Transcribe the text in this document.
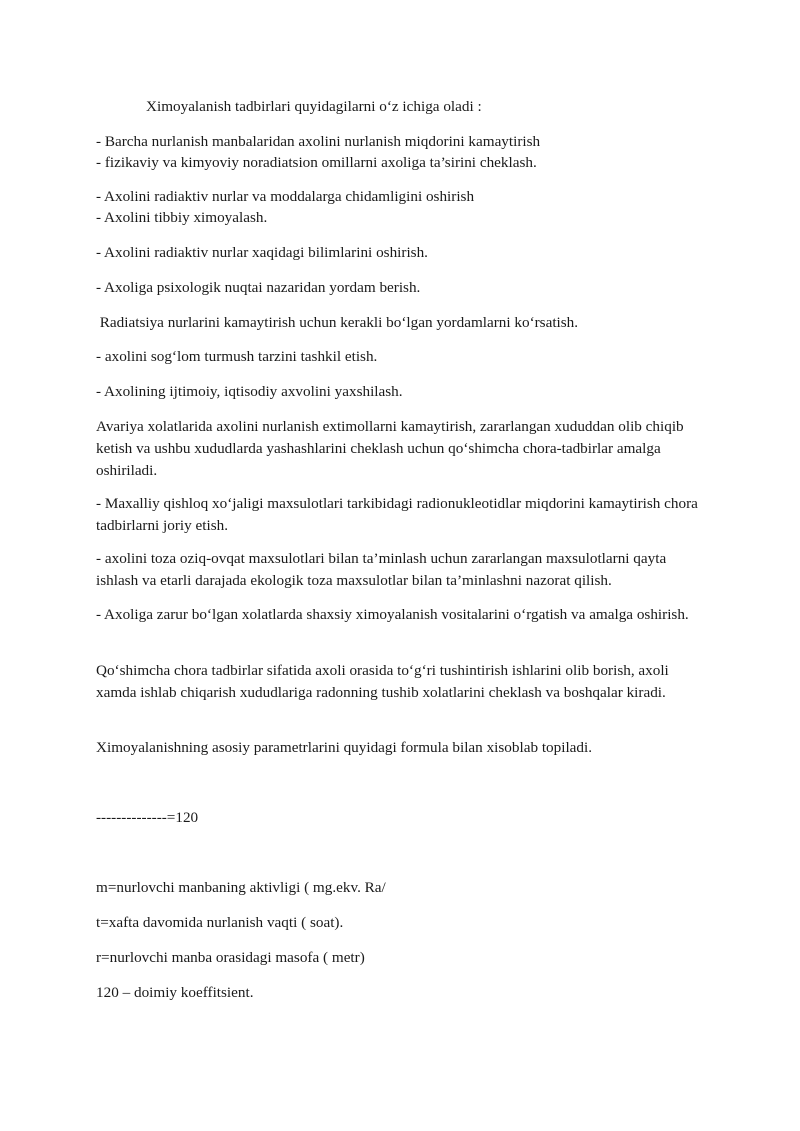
Ximoyalanish tadbirlari quyidagilarni o‘z ichiga oladi :
- Barcha nurlanish manbalaridan axolini nurlanish miqdorini kamaytirish
- fizikaviy va kimyoviy noradiatsion omillarni axoliga ta’sirini cheklash.
- Axolini radiaktiv nurlar va moddalarga chidamligini oshirish
- Axolini tibbiy ximoyalash.
- Axolini radiaktiv nurlar xaqidagi bilimlarini oshirish.
- Axoliga psixologik nuqtai nazaridan yordam berish.
Radiatsiya nurlarini kamaytirish uchun kerakli bo‘lgan yordamlarni ko‘rsatish.
- axolini sog‘lom turmush tarzini tashkil etish.
- Axolining ijtimoiy, iqtisodiy axvolini yaxshilash.

Avariya xolatlarida axolini nurlanish extimollarni kamaytirish, zararlangan xududdan olib chiqib ketish va ushbu xududlarda yashashlarini cheklash uchun qo‘shimcha chora-tadbirlar amalga oshiriladi.

- Maxalliy qishloq xo‘jaligi maxsulotlari tarkibidagi radionukleotidlar miqdorini kamaytirish chora tadbirlarni joriy etish.

- axolini toza oziq-ovqat maxsulotlari bilan ta’minlash uchun zararlangan maxsulotlarni qayta ishlash va etarli darajada ekologik toza maxsulotlar bilan ta’minlashni nazorat qilish.

- Axoliga zarur bo‘lgan xolatlarda shaxsiy ximoyalanish vositalarini o‘rgatish va amalga oshirish.

Qo‘shimcha chora tadbirlar sifatida axoli orasida to‘g‘ri tushintirish ishlarini olib borish, axoli xamda ishlab chiqarish xududlariga radonning tushib xolatlarini cheklash va boshqalar kiradi.

Ximoyalanishning asosiy parametrlarini quyidagi formula bilan xisoblab topiladi.
--------------=120
m=nurlovchi manbaning aktivligi ( mg.ekv. Ra/
t=xafta davomida nurlanish vaqti ( soat).
r=nurlovchi manba orasidagi masofa ( metr)
120 – doimiy koeffitsient.
